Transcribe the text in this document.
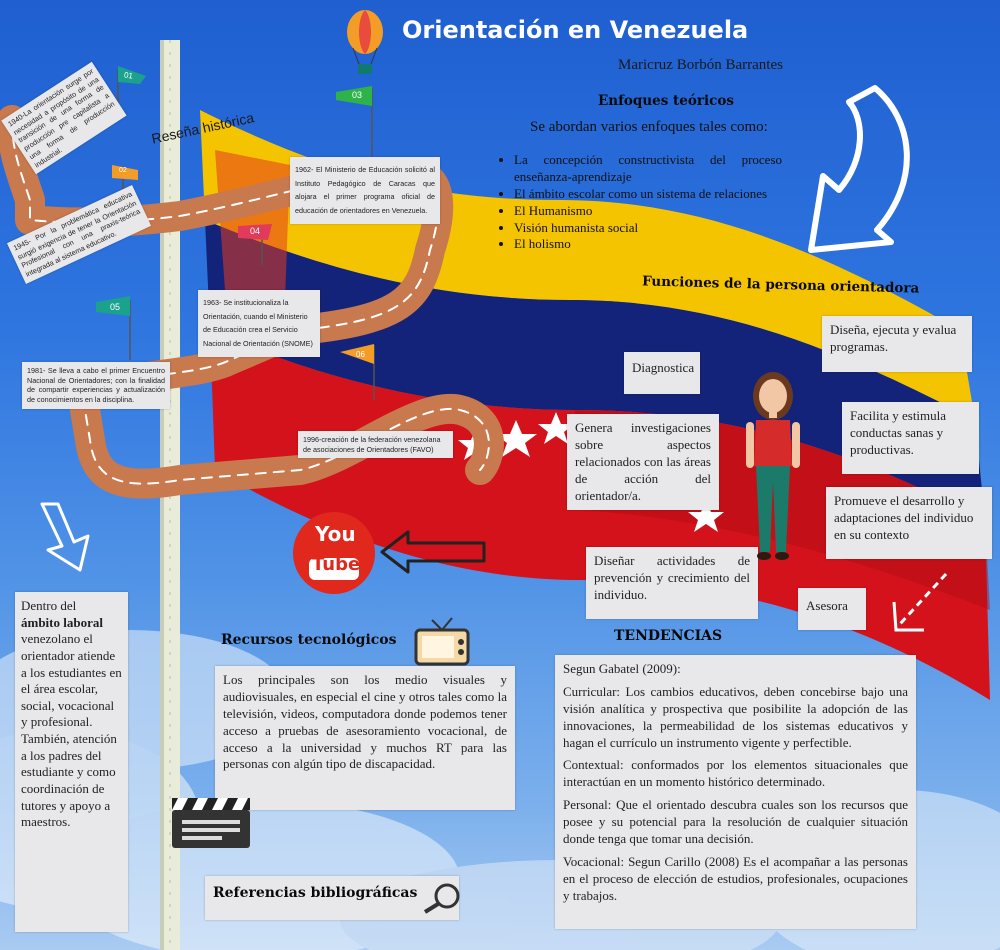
01
02
03
04
05
06
Orientación en Venezuela
Maricruz Borbón Barrantes
Reseña histórica
1940-La orientación surge por necesidad a propósito de una transición de una forma de producción pre capitalista a una forma de producción industrial.
1945- Por la problemática educativa surgió exigencia de tener la Orientación Profesional con una praxis-teórica integrada al sistema educativo.
1962- El Ministerio de Educación solicitó al Instituto Pedagógico de Caracas que alojara el primer programa oficial de educación de orientadores en Venezuela.
1963- Se institucionaliza la Orientación, cuando el Ministerio de Educación crea el Servicio Nacional de Orientación (SNOME)
1981- Se lleva a cabo el primer Encuentro Nacional de Orientadores; con la finalidad de compartir experiencias y actualización de conocimientos en la disciplina.
1996-creación de la federación venezolana de asociaciones de Orientadores (FAVO)
Enfoques teóricos
Se abordan varios enfoques tales como:
• La concepción constructivista del proceso enseñanza-aprendizaje
• El ámbito escolar como un sistema de relaciones
• El Humanismo
• Visión humanista social
• El holismo
Funciones de la persona orientadora
Diagnostica
Genera investigaciones sobre aspectos relacionados con las áreas de acción del orientador/a.
Diseñar actividades de prevención y crecimiento del individuo.
Diseña, ejecuta y evalua programas.
Facilita y estimula conductas sanas y productivas.
Promueve el desarrollo y adaptaciones del individuo en su contexto
Asesora
You
Tube
Dentro del
ámbito laboral
venezolano el orientador atiende a los estudiantes en el área escolar, social, vocacional y profesional. También, atención a los padres del estudiante y como coordinación de tutores y apoyo a maestros.
Recursos tecnológicos
Los principales son los medio visuales y audiovisuales, en especial el cine y otros tales como la televisión, videos, computadora donde podemos tener acceso a pruebas de asesoramiento vocacional, de acceso a la universidad y muchos RT para las personas con algún tipo de discapacidad.
Referencias bibliográficas
TENDENCIAS

Segun Gabatel (2009):

Curricular: Los cambios educativos, deben concebirse bajo una visión analítica y prospectiva que posibilite la adopción de las innovaciones, la permeabilidad de los sistemas educativos y hagan el currículo un instrumento vigente y perfectible.

Contextual: conformados por los elementos situacionales que interactúan en un momento histórico determinado.

Personal: Que el orientado descubra cuales son los recursos que posee y su potencial para la resolución de cualquier situación donde tenga que tomar una decisión.

Vocacional: Segun Carillo (2008) Es el acompañar a las personas en el proceso de elección de estudios, profesionales, ocupaciones y trabajos.
